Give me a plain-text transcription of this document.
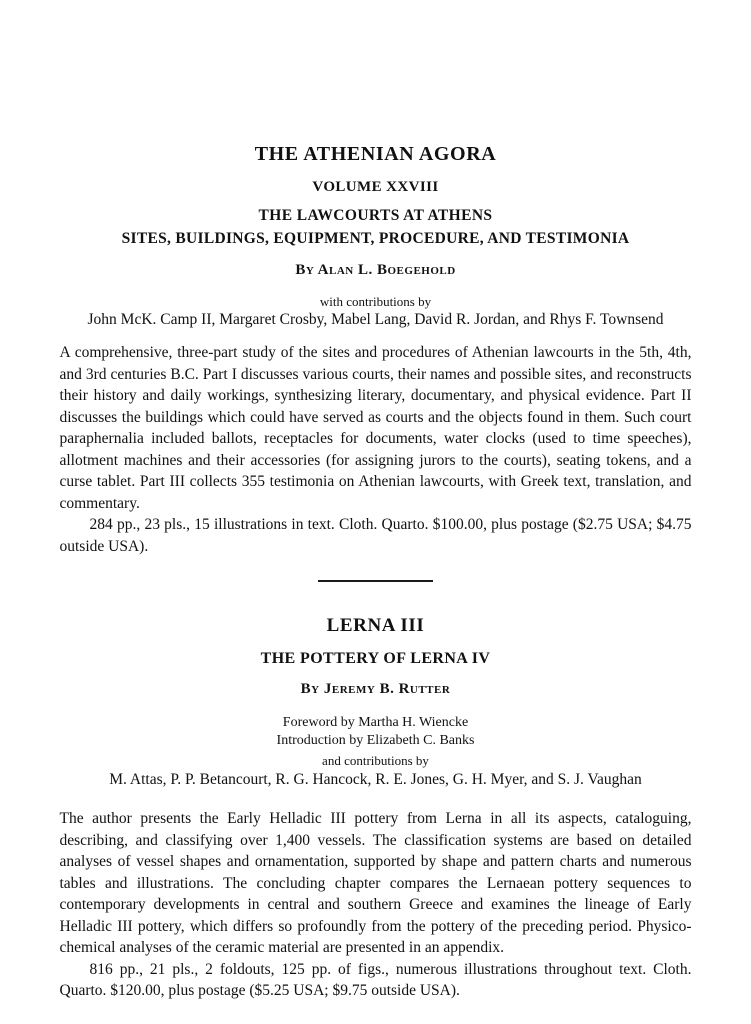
THE ATHENIAN AGORA
VOLUME XXVIII
THE LAWCOURTS AT ATHENS
SITES, BUILDINGS, EQUIPMENT, PROCEDURE, AND TESTIMONIA
By Alan L. Boegehold
with contributions by
John McK. Camp II, Margaret Crosby, Mabel Lang, David R. Jordan, and Rhys F. Townsend

A comprehensive, three-part study of the sites and procedures of Athenian lawcourts in the 5th, 4th, and 3rd centuries B.C. Part I discusses various courts, their names and possible sites, and reconstructs their history and daily workings, synthesizing literary, documentary, and physical evidence. Part II discusses the buildings which could have served as courts and the objects found in them. Such court paraphernalia included ballots, receptacles for documents, water clocks (used to time speeches), allotment machines and their accessories (for assigning jurors to the courts), seating tokens, and a curse tablet. Part III collects 355 testimonia on Athenian lawcourts, with Greek text, translation, and commentary.

284 pp., 23 pls., 15 illustrations in text. Cloth. Quarto. $100.00, plus postage ($2.75 USA; $4.75 outside USA).

LERNA III
THE POTTERY OF LERNA IV
By Jeremy B. Rutter
Foreword by Martha H. Wiencke
Introduction by Elizabeth C. Banks
and contributions by
M. Attas, P. P. Betancourt, R. G. Hancock, R. E. Jones, G. H. Myer, and S. J. Vaughan

The author presents the Early Helladic III pottery from Lerna in all its aspects, cataloguing, describing, and classifying over 1,400 vessels. The classification systems are based on detailed analyses of vessel shapes and ornamentation, supported by shape and pattern charts and numerous tables and illustrations. The concluding chapter compares the Lernaean pottery sequences to contemporary developments in central and southern Greece and examines the lineage of Early Helladic III pottery, which differs so profoundly from the pottery of the preceding period. Physico-chemical analyses of the ceramic material are presented in an appendix.

816 pp., 21 pls., 2 foldouts, 125 pp. of figs., numerous illustrations throughout text. Cloth. Quarto. $120.00, plus postage ($5.25 USA; $9.75 outside USA).
